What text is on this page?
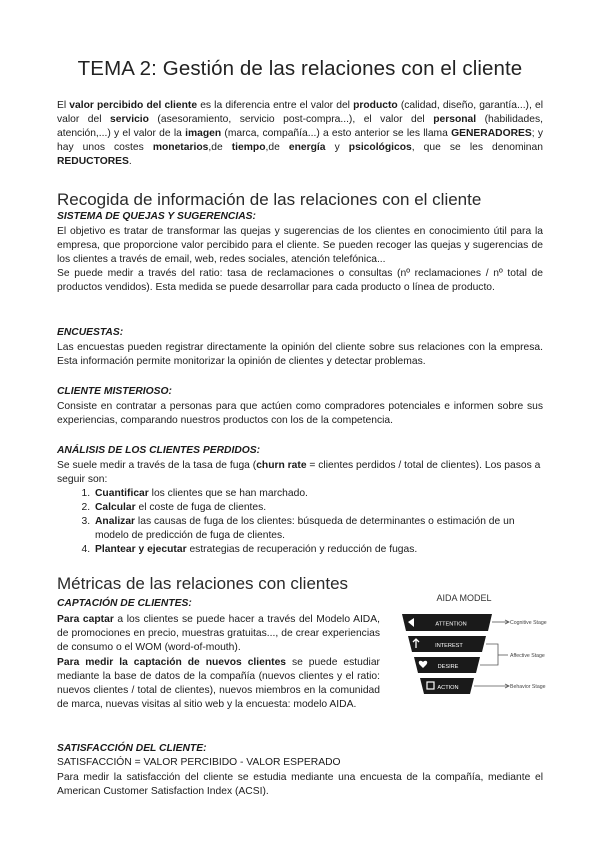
TEMA 2: Gestión de las relaciones con el cliente
El valor percibido del cliente es la diferencia entre el valor del producto (calidad, diseño, garantía...), el valor del servicio (asesoramiento, servicio post-compra...), el valor del personal (habilidades, atención,...) y el valor de la imagen (marca, compañía...) a esto anterior se les llama GENERADORES; y hay unos costes monetarios,de tiempo,de energía y psicológicos, que se les denominan REDUCTORES.
Recogida de información de las relaciones con el cliente
SISTEMA DE QUEJAS Y SUGERENCIAS:
El objetivo es tratar de transformar las quejas y sugerencias de los clientes en conocimiento útil para la empresa, que proporcione valor percibido para el cliente. Se pueden recoger las quejas y sugerencias de los clientes a través de email, web, redes sociales, atención telefónica...
Se puede medir a través del ratio: tasa de reclamaciones o consultas (nº reclamaciones / nº total de productos vendidos). Esta medida se puede desarrollar para cada producto o línea de producto.
ENCUESTAS:
Las encuestas pueden registrar directamente la opinión del cliente sobre sus relaciones con la empresa. Esta información permite monitorizar la opinión de clientes y detectar problemas.
CLIENTE MISTERIOSO:
Consiste en contratar a personas para que actúen como compradores potenciales e informen sobre sus experiencias, comparando nuestros productos con los de la competencia.
ANÁLISIS DE LOS CLIENTES PERDIDOS:
Se suele medir a través de la tasa de fuga (churn rate = clientes perdidos / total de clientes). Los pasos a seguir son:
1. Cuantificar los clientes que se han marchado.
2. Calcular el coste de fuga de clientes.
3. Analizar las causas de fuga de los clientes: búsqueda de determinantes o estimación de un modelo de predicción de fuga de clientes.
4. Plantear y ejecutar estrategias de recuperación y reducción de fugas.
Métricas de las relaciones con clientes
CAPTACIÓN DE CLIENTES:
Para captar a los clientes se puede hacer a través del Modelo AIDA, de promociones en precio, muestras gratuitas..., de crear experiencias de consumo o el WOM (word-of-mouth).
Para medir la captación de nuevos clientes se puede estudiar mediante la base de datos de la compañía (nuevos clientes y el ratio: nuevos clientes / total de clientes), nuevos miembros en la comunidad de marca, nuevas visitas al sitio web y la encuesta: modelo AIDA.
AIDA MODEL
ATTENTION
INTEREST
DESIRE
ACTION
Cognitive Stage
Affective Stage
Behavior Stage
SATISFACCIÓN DEL CLIENTE:
SATISFACCIÓN = VALOR PERCIBIDO - VALOR ESPERADO
Para medir la satisfacción del cliente se estudia mediante una encuesta de la compañía, mediante el American Customer Satisfaction Index (ACSI).
